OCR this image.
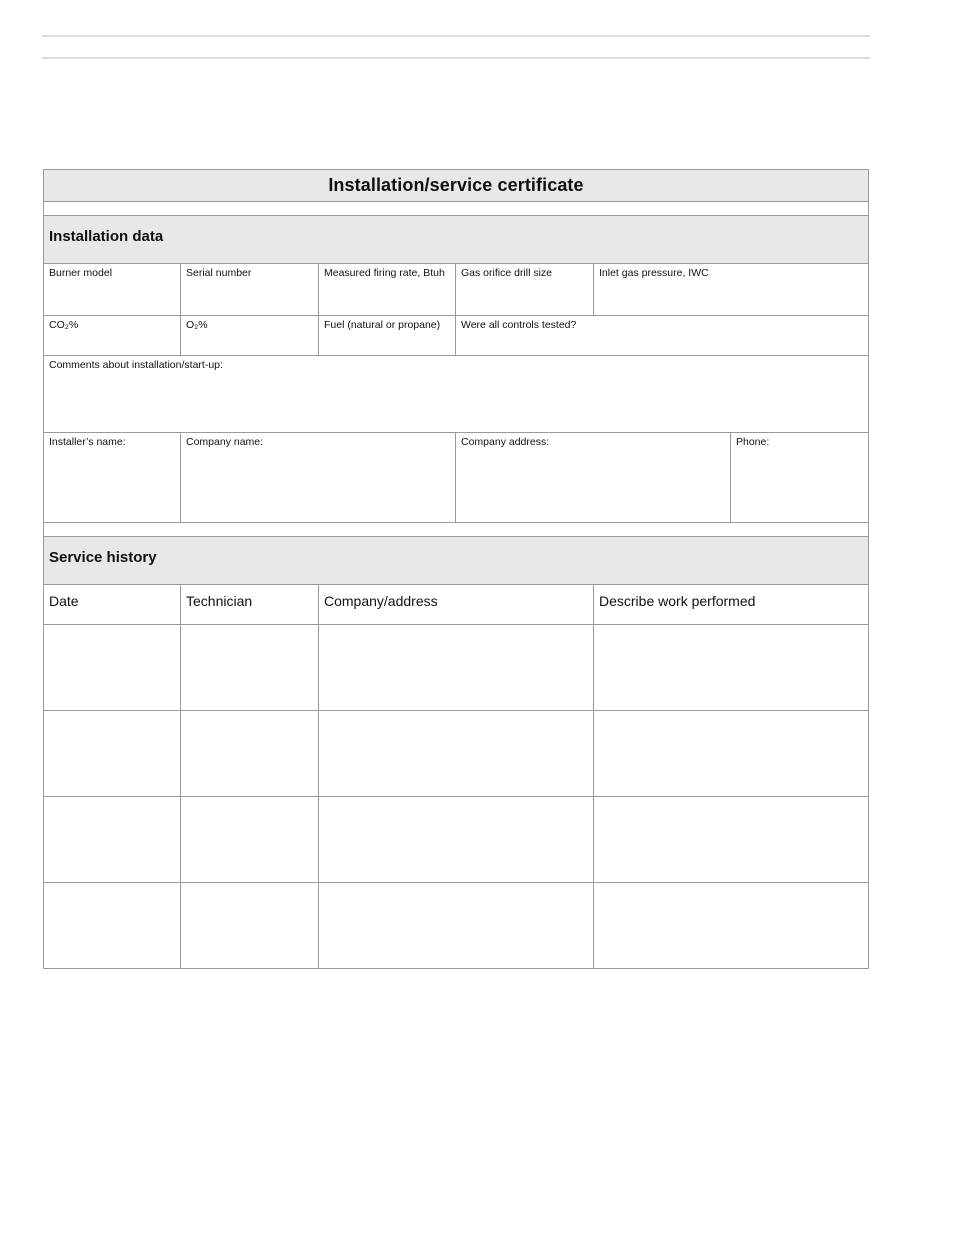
Installation/service certificate
Installation data
Burner model	Serial number	Measured firing rate, Btuh	Gas orifice drill size	Inlet gas pressure, IWC
CO₂%	O₂%	Fuel (natural or propane)	Were all controls tested?
Comments about installation/start-up:
Installer’s name:	Company name:	Company address:	Phone:
Service history
Date	Technician	Company/address	Describe work performed
